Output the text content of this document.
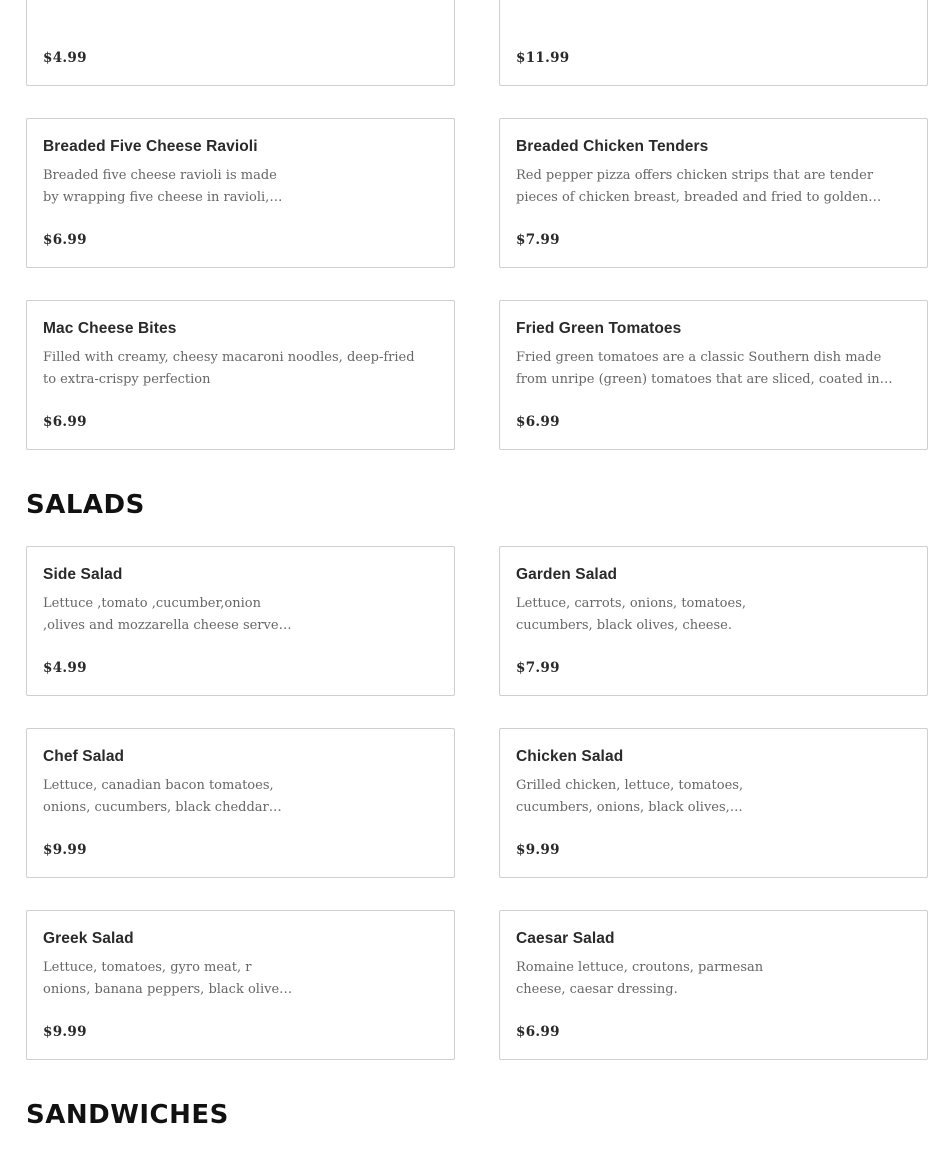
$4.99	$11.99
Breaded Five Cheese Ravioli
Breaded five cheese ravioli is made by wrapping five cheese in ravioli,
$6.99
Breaded Chicken Tenders
Red pepper pizza offers chicken strips that are tender pieces of chicken breast, breaded and fried to golden
$7.99
Mac Cheese Bites
Filled with creamy, cheesy macaroni noodles, deep-fried to extra-crispy perfection
$6.99
Fried Green Tomatoes
Fried green tomatoes are a classic Southern dish made from unripe (green) tomatoes that are sliced, coated in
$6.99
SALADS
Side Salad
Lettuce ,tomato ,cucumber,onion ,olives and mozzarella cheese served
$4.99
Garden Salad
Lettuce, carrots, onions, tomatoes, cucumbers, black olives, cheese.
$7.99
Chef Salad
Lettuce, canadian bacon tomatoes, onions, cucumbers, black cheddar
$9.99
Chicken Salad
Grilled chicken, lettuce, tomatoes, cucumbers, onions, black olives,
$9.99
Greek Salad
Lettuce, tomatoes, gyro meat, r onions, banana peppers, black olives,
$9.99
Caesar Salad
Romaine lettuce, croutons, parmesan cheese, caesar dressing.
$6.99
SANDWICHES
